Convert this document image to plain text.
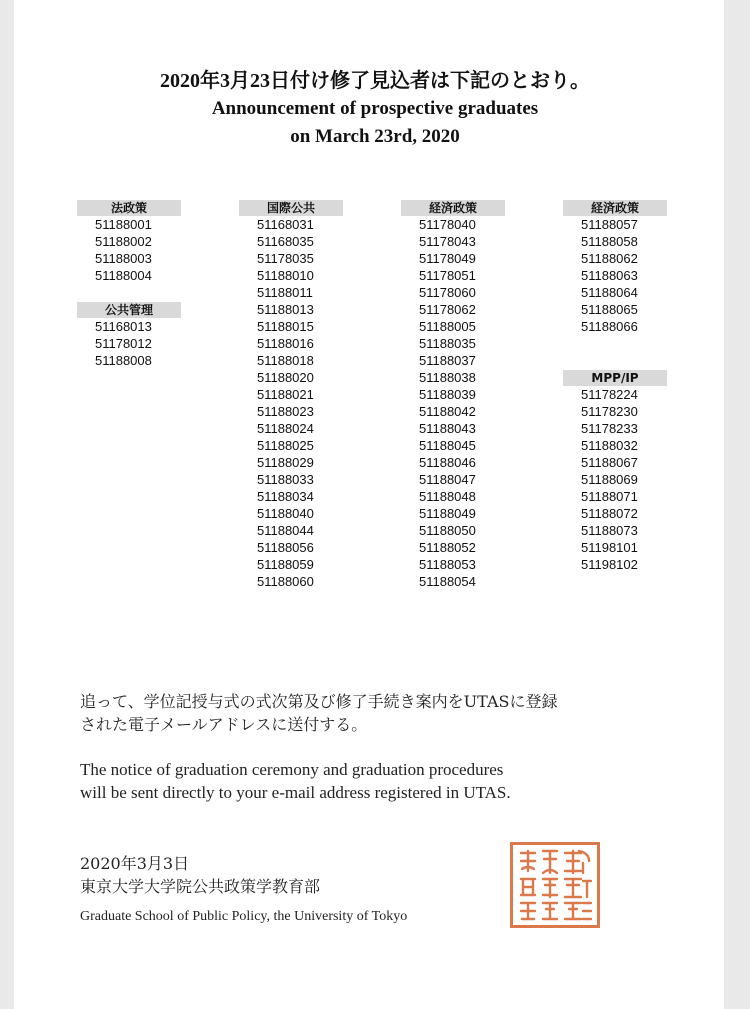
2020年3月23日付け修了見込者は下記のとおり。
Announcement of prospective graduates
on March 23rd, 2020
法政策
51188001
51188002
51188003
51188004
公共管理
51168013
51178012
51188008
国際公共
51168031
51168035
51178035
51188010
51188011
51188013
51188015
51188016
51188018
51188020
51188021
51188023
51188024
51188025
51188029
51188033
51188034
51188040
51188044
51188056
51188059
51188060
経済政策
51178040
51178043
51178049
51178051
51178060
51178062
51188005
51188035
51188037
51188038
51188039
51188042
51188043
51188045
51188046
51188047
51188048
51188049
51188050
51188052
51188053
51188054
経済政策
51188057
51188058
51188062
51188063
51188064
51188065
51188066
MPP/IP
51178224
51178230
51178233
51188032
51188067
51188069
51188071
51188072
51188073
51198101
51198102
追って、学位記授与式の式次第及び修了手続き案内をUTASに登録
された電子メールアドレスに送付する。
The notice of graduation ceremony and graduation procedures
will be sent directly to your e-mail address registered in UTAS.
2020年3月3日
東京大学大学院公共政策学教育部
Graduate School of Public Policy, the University of Tokyo
